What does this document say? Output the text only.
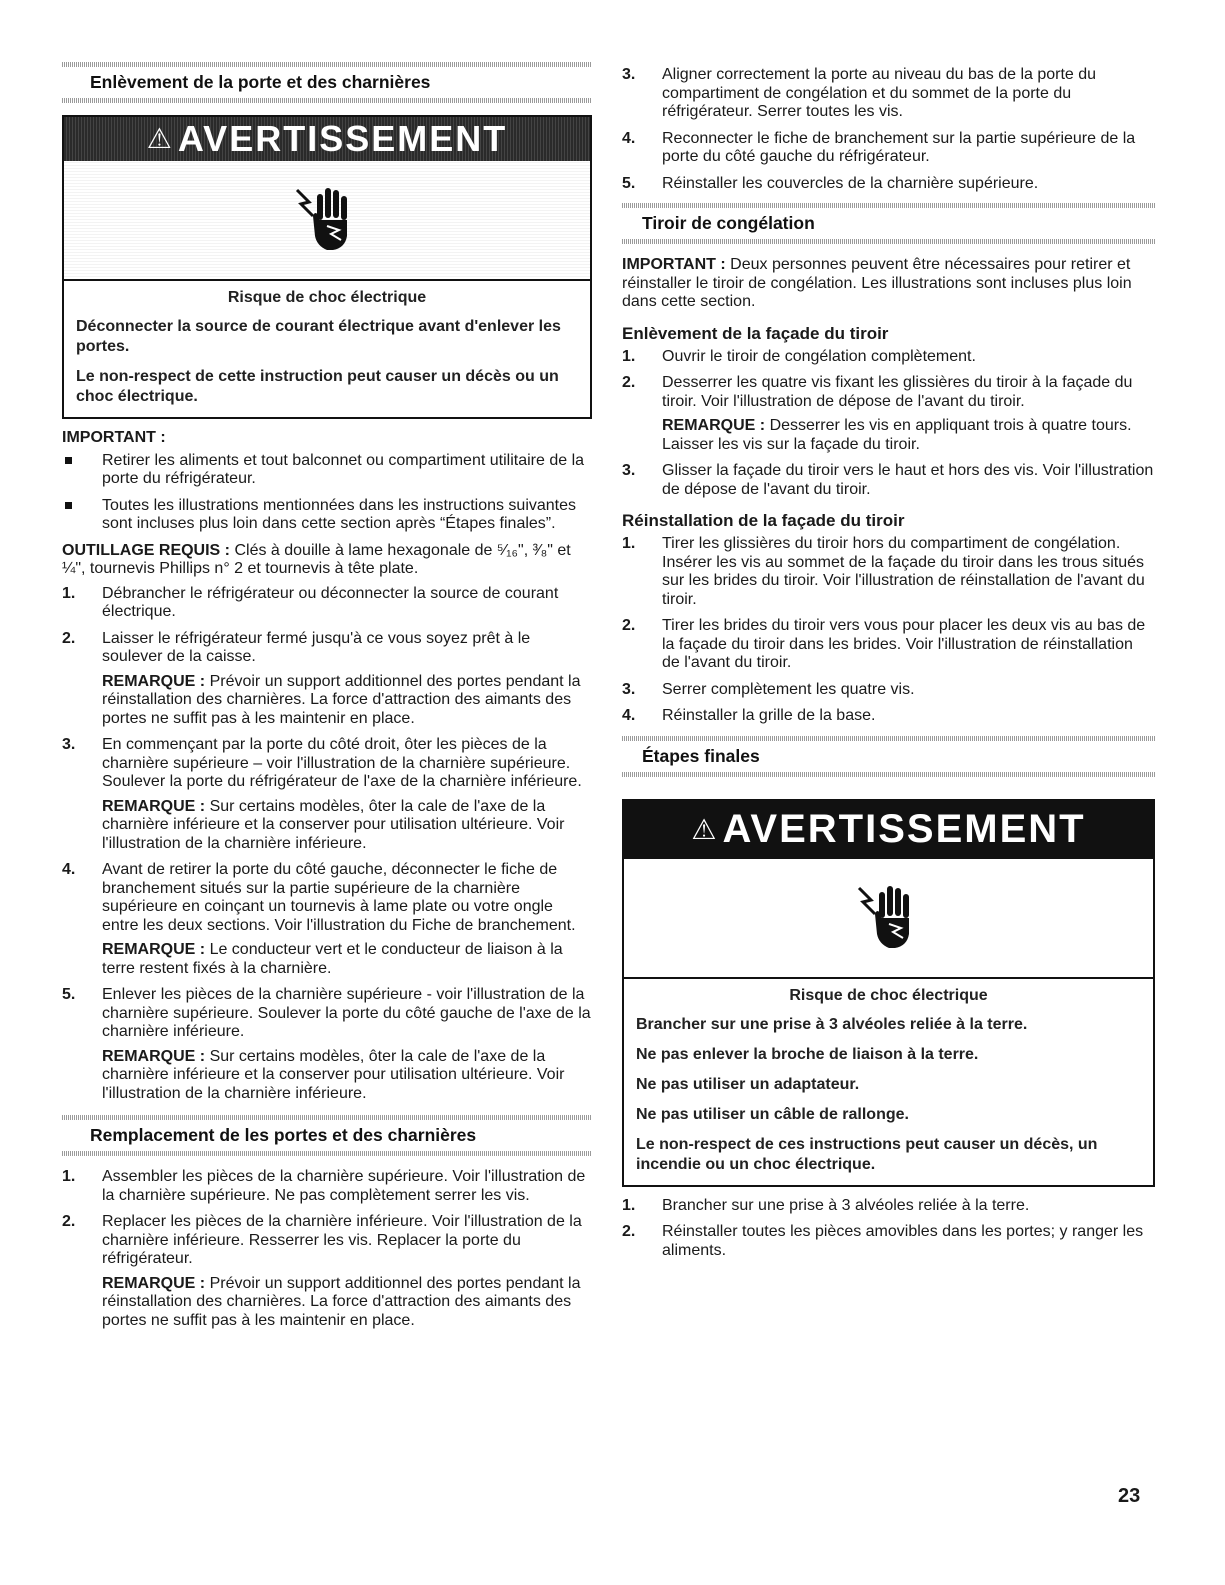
Enlèvement de la porte et des charnières
⚠ AVERTISSEMENT
Risque de choc électrique
Déconnecter la source de courant électrique avant d'enlever les portes.
Le non-respect de cette instruction peut causer un décès ou un choc électrique.

IMPORTANT :

Retirer les aliments et tout balconnet ou compartiment utilitaire de la porte du réfrigérateur.
Toutes les illustrations mentionnées dans les instructions suivantes sont incluses plus loin dans cette section après “Étapes finales”.

OUTILLAGE REQUIS : Clés à douille à lame hexagonale de ⁵⁄₁₆", ³⁄₈" et ¼", tournevis Phillips n° 2 et tournevis à tête plate.

1. Débrancher le réfrigérateur ou déconnecter la source de courant électrique.
2. Laisser le réfrigérateur fermé jusqu'à ce vous soyez prêt à le soulever de la caisse.
REMARQUE : Prévoir un support additionnel des portes pendant la réinstallation des charnières. La force d'attraction des aimants des portes ne suffit pas à les maintenir en place.
3. En commençant par la porte du côté droit, ôter les pièces de la charnière supérieure – voir l'illustration de la charnière supérieure. Soulever la porte du réfrigérateur de l'axe de la charnière inférieure.
REMARQUE : Sur certains modèles, ôter la cale de l'axe de la charnière inférieure et la conserver pour utilisation ultérieure. Voir l'illustration de la charnière inférieure.
4. Avant de retirer la porte du côté gauche, déconnecter le fiche de branchement situés sur la partie supérieure de la charnière supérieure en coinçant un tournevis à lame plate ou votre ongle entre les deux sections. Voir l'illustration du Fiche de branchement.
REMARQUE : Le conducteur vert et le conducteur de liaison à la terre restent fixés à la charnière.
5. Enlever les pièces de la charnière supérieure - voir l'illustration de la charnière supérieure. Soulever la porte du côté gauche de l'axe de la charnière inférieure.
REMARQUE : Sur certains modèles, ôter la cale de l'axe de la charnière inférieure et la conserver pour utilisation ultérieure. Voir l'illustration de la charnière inférieure.
Remplacement de les portes et des charnières
1. Assembler les pièces de la charnière supérieure. Voir l'illustration de la charnière supérieure. Ne pas complètement serrer les vis.
2. Replacer les pièces de la charnière inférieure. Voir l'illustration de la charnière inférieure. Resserrer les vis. Replacer la porte du réfrigérateur.
REMARQUE : Prévoir un support additionnel des portes pendant la réinstallation des charnières. La force d'attraction des aimants des portes ne suffit pas à les maintenir en place.
3. Aligner correctement la porte au niveau du bas de la porte du compartiment de congélation et du sommet de la porte du réfrigérateur. Serrer toutes les vis.
4. Reconnecter le fiche de branchement sur la partie supérieure de la porte du côté gauche du réfrigérateur.
5. Réinstaller les couvercles de la charnière supérieure.
Tiroir de congélation

IMPORTANT : Deux personnes peuvent être nécessaires pour retirer et réinstaller le tiroir de congélation. Les illustrations sont incluses plus loin dans cette section.

Enlèvement de la façade du tiroir
1. Ouvrir le tiroir de congélation complètement.
2. Desserrer les quatre vis fixant les glissières du tiroir à la façade du tiroir. Voir l'illustration de dépose de l'avant du tiroir.
REMARQUE : Desserrer les vis en appliquant trois à quatre tours. Laisser les vis sur la façade du tiroir.
3. Glisser la façade du tiroir vers le haut et hors des vis. Voir l'illustration de dépose de l'avant du tiroir.
Réinstallation de la façade du tiroir
1. Tirer les glissières du tiroir hors du compartiment de congélation. Insérer les vis au sommet de la façade du tiroir dans les trous situés sur les brides du tiroir. Voir l'illustration de réinstallation de l'avant du tiroir.
2. Tirer les brides du tiroir vers vous pour placer les deux vis au bas de la façade du tiroir dans les brides. Voir l'illustration de réinstallation de l'avant du tiroir.
3. Serrer complètement les quatre vis.
4. Réinstaller la grille de la base.
Étapes finales
⚠ AVERTISSEMENT
Risque de choc électrique
Brancher sur une prise à 3 alvéoles reliée à la terre.
Ne pas enlever la broche de liaison à la terre.
Ne pas utiliser un adaptateur.
Ne pas utiliser un câble de rallonge.
Le non-respect de ces instructions peut causer un décès, un incendie ou un choc électrique.
1. Brancher sur une prise à 3 alvéoles reliée à la terre.
2. Réinstaller toutes les pièces amovibles dans les portes; y ranger les aliments.
23
